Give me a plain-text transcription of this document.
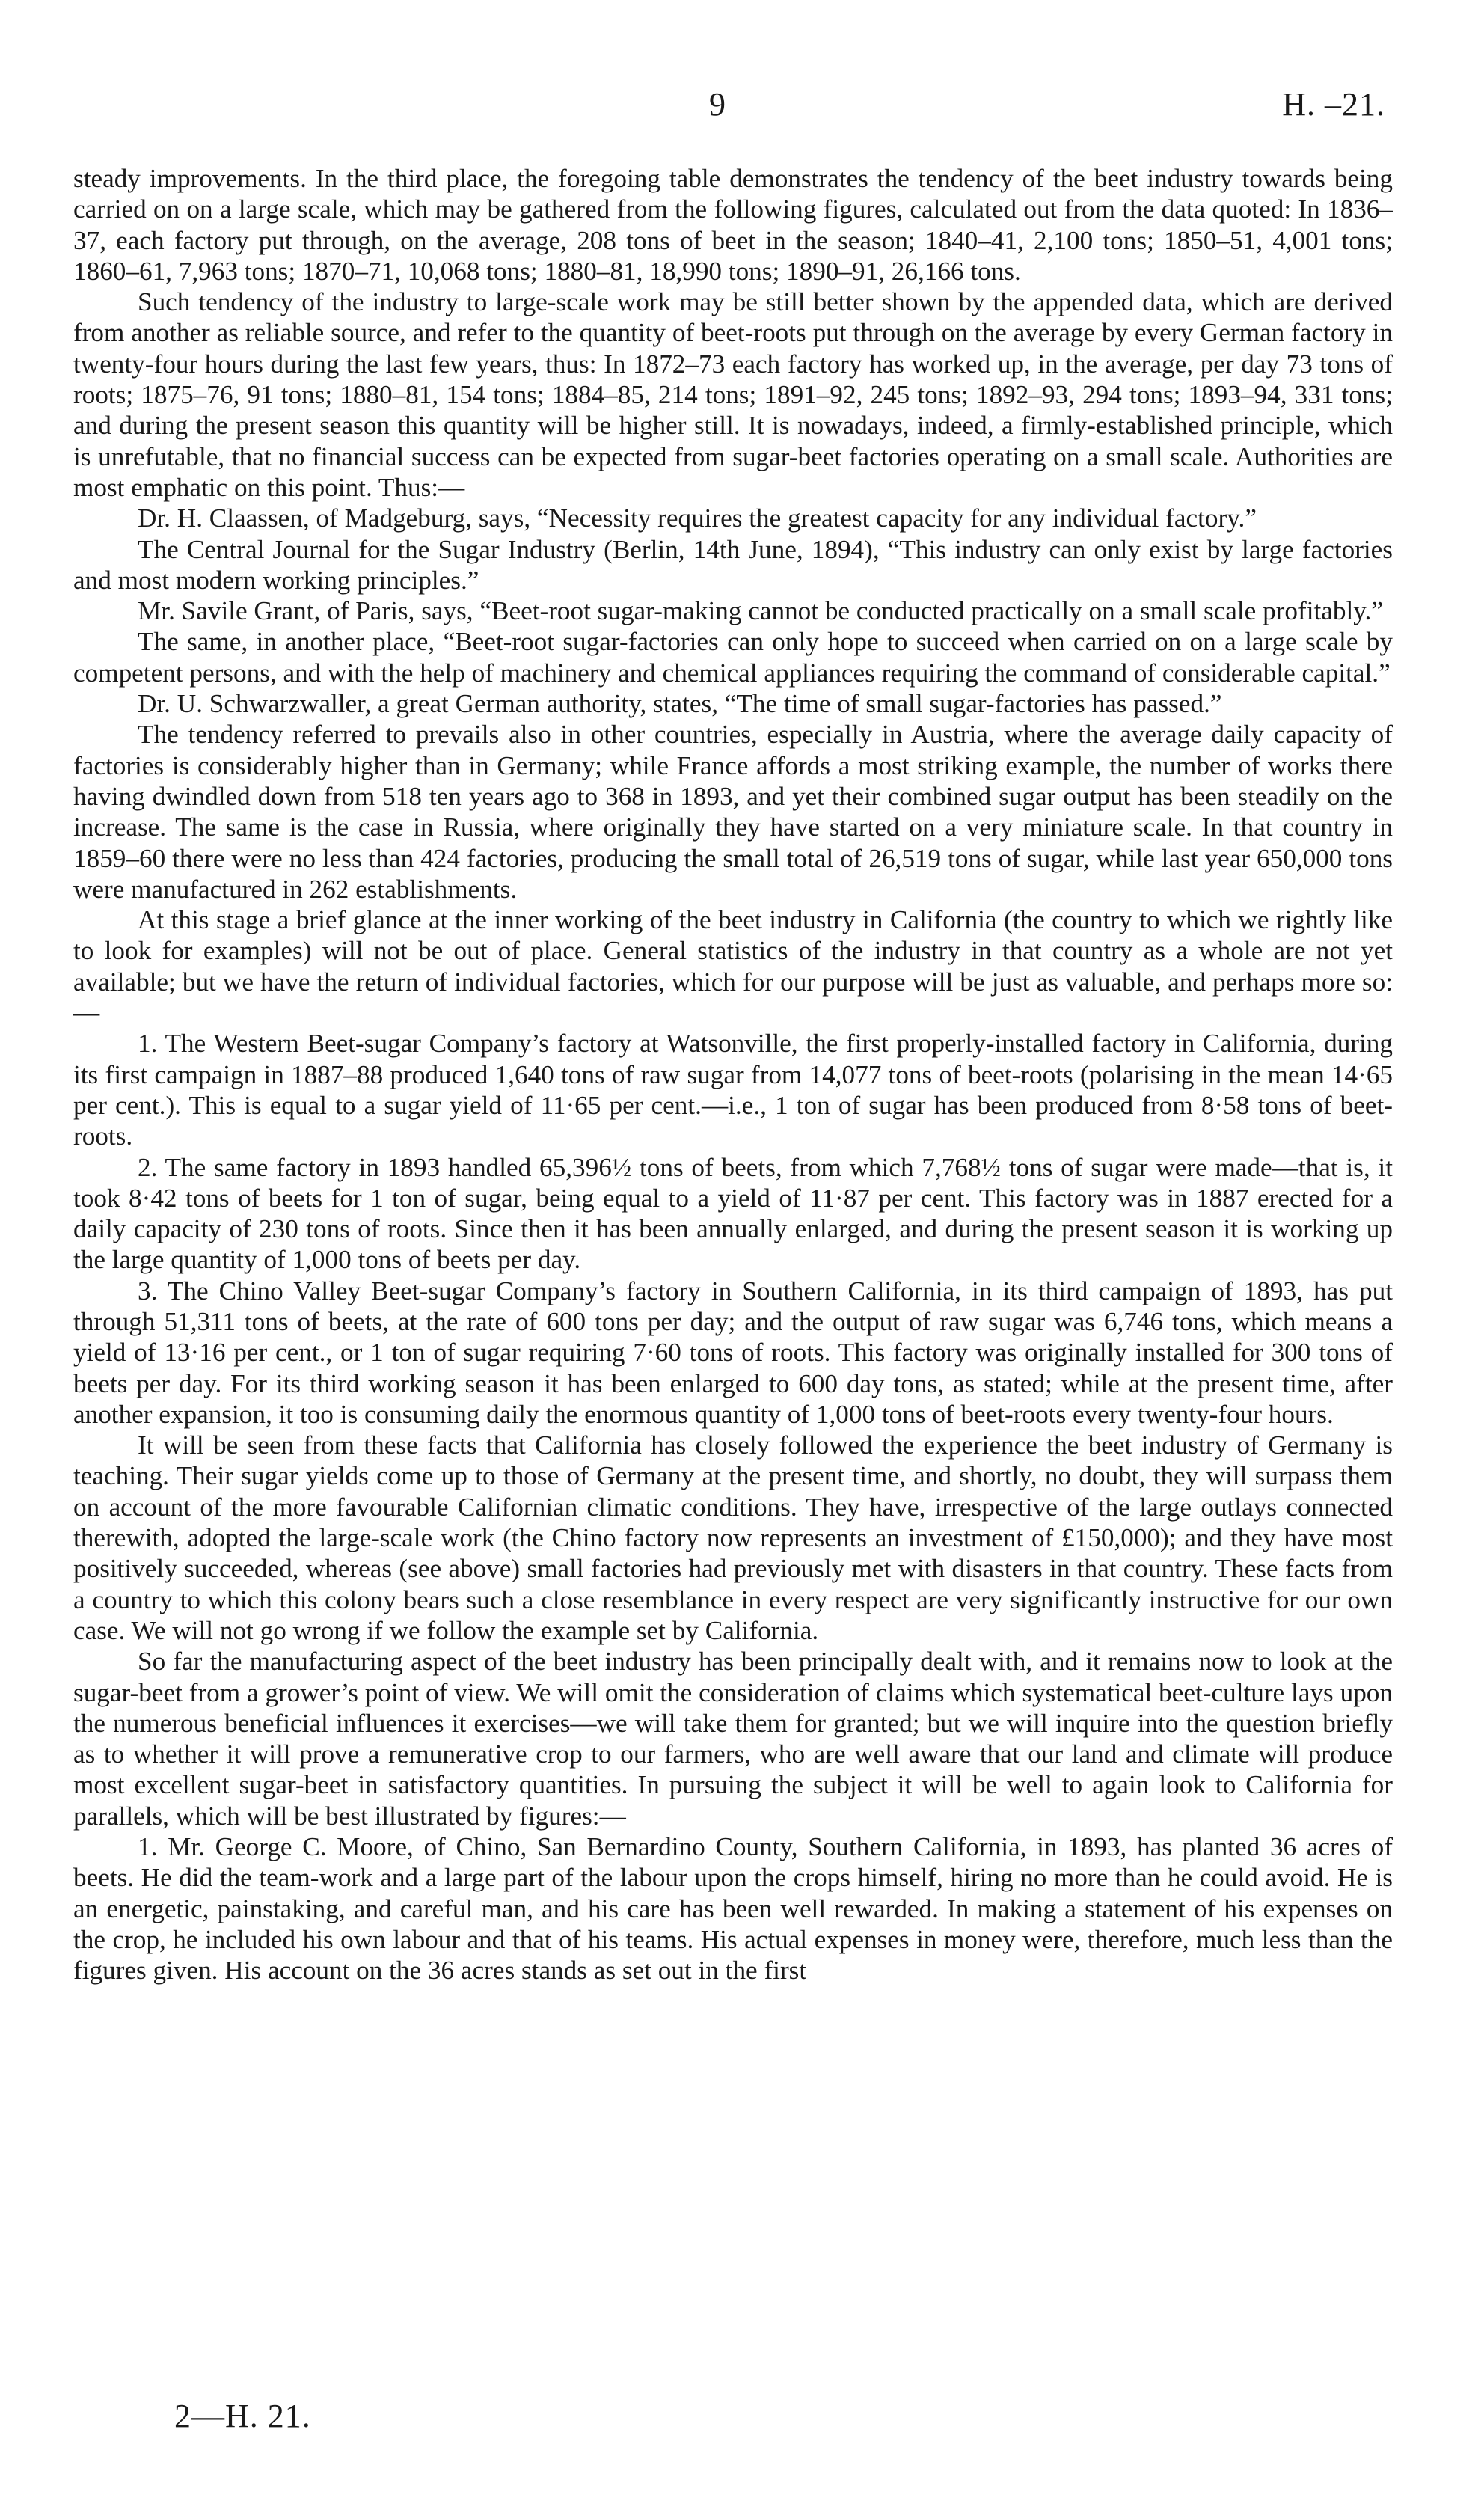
9	H. –21.

steady improvements. In the third place, the foregoing table demonstrates the tendency of the beet industry towards being carried on on a large scale, which may be gathered from the following figures, calculated out from the data quoted: In 1836–37, each factory put through, on the average, 208 tons of beet in the season; 1840–41, 2,100 tons; 1850–51, 4,001 tons; 1860–61, 7,963 tons; 1870–71, 10,068 tons; 1880–81, 18,990 tons; 1890–91, 26,166 tons.

Such tendency of the industry to large-scale work may be still better shown by the appended data, which are derived from another as reliable source, and refer to the quantity of beet-roots put through on the average by every German factory in twenty-four hours during the last few years, thus: In 1872–73 each factory has worked up, in the average, per day 73 tons of roots; 1875–76, 91 tons; 1880–81, 154 tons; 1884–85, 214 tons; 1891–92, 245 tons; 1892–93, 294 tons; 1893–94, 331 tons; and during the present season this quantity will be higher still. It is nowadays, indeed, a firmly-established principle, which is unrefutable, that no financial success can be expected from sugar-beet factories operating on a small scale. Authorities are most emphatic on this point. Thus:—

Dr. H. Claassen, of Madgeburg, says, “Necessity requires the greatest capacity for any individual factory.”

The Central Journal for the Sugar Industry (Berlin, 14th June, 1894), “This industry can only exist by large factories and most modern working principles.”

Mr. Savile Grant, of Paris, says, “Beet-root sugar-making cannot be conducted practically on a small scale profitably.”

The same, in another place, “Beet-root sugar-factories can only hope to succeed when carried on on a large scale by competent persons, and with the help of machinery and chemical appliances requiring the command of considerable capital.”

Dr. U. Schwarzwaller, a great German authority, states, “The time of small sugar-factories has passed.”

The tendency referred to prevails also in other countries, especially in Austria, where the average daily capacity of factories is considerably higher than in Germany; while France affords a most striking example, the number of works there having dwindled down from 518 ten years ago to 368 in 1893, and yet their combined sugar output has been steadily on the increase. The same is the case in Russia, where originally they have started on a very miniature scale. In that country in 1859–60 there were no less than 424 factories, producing the small total of 26,519 tons of sugar, while last year 650,000 tons were manufactured in 262 establishments.

At this stage a brief glance at the inner working of the beet industry in California (the country to which we rightly like to look for examples) will not be out of place. General statistics of the industry in that country as a whole are not yet available; but we have the return of individual factories, which for our purpose will be just as valuable, and perhaps more so:—

1. The Western Beet-sugar Company’s factory at Watsonville, the first properly-installed factory in California, during its first campaign in 1887–88 produced 1,640 tons of raw sugar from 14,077 tons of beet-roots (polarising in the mean 14·65 per cent.). This is equal to a sugar yield of 11·65 per cent.—i.e., 1 ton of sugar has been produced from 8·58 tons of beet-roots.

2. The same factory in 1893 handled 65,396½ tons of beets, from which 7,768½ tons of sugar were made—that is, it took 8·42 tons of beets for 1 ton of sugar, being equal to a yield of 11·87 per cent. This factory was in 1887 erected for a daily capacity of 230 tons of roots. Since then it has been annually enlarged, and during the present season it is working up the large quantity of 1,000 tons of beets per day.

3. The Chino Valley Beet-sugar Company’s factory in Southern California, in its third campaign of 1893, has put through 51,311 tons of beets, at the rate of 600 tons per day; and the output of raw sugar was 6,746 tons, which means a yield of 13·16 per cent., or 1 ton of sugar requiring 7·60 tons of roots. This factory was originally installed for 300 tons of beets per day. For its third working season it has been enlarged to 600 day tons, as stated; while at the present time, after another expansion, it too is consuming daily the enormous quantity of 1,000 tons of beet-roots every twenty-four hours.

It will be seen from these facts that California has closely followed the experience the beet industry of Germany is teaching. Their sugar yields come up to those of Germany at the present time, and shortly, no doubt, they will surpass them on account of the more favourable Californian climatic conditions. They have, irrespective of the large outlays connected therewith, adopted the large-scale work (the Chino factory now represents an investment of £150,000); and they have most positively succeeded, whereas (see above) small factories had previously met with disasters in that country. These facts from a country to which this colony bears such a close resemblance in every respect are very significantly instructive for our own case. We will not go wrong if we follow the example set by California.

So far the manufacturing aspect of the beet industry has been principally dealt with, and it remains now to look at the sugar-beet from a grower’s point of view. We will omit the consideration of claims which systematical beet-culture lays upon the numerous beneficial influences it exercises—we will take them for granted; but we will inquire into the question briefly as to whether it will prove a remunerative crop to our farmers, who are well aware that our land and climate will produce most excellent sugar-beet in satisfactory quantities. In pursuing the subject it will be well to again look to California for parallels, which will be best illustrated by figures:—

1. Mr. George C. Moore, of Chino, San Bernardino County, Southern California, in 1893, has planted 36 acres of beets. He did the team-work and a large part of the labour upon the crops himself, hiring no more than he could avoid. He is an energetic, painstaking, and careful man, and his care has been well rewarded. In making a statement of his expenses on the crop, he included his own labour and that of his teams. His actual expenses in money were, therefore, much less than the figures given. His account on the 36 acres stands as set out in the first

2—H. 21.
